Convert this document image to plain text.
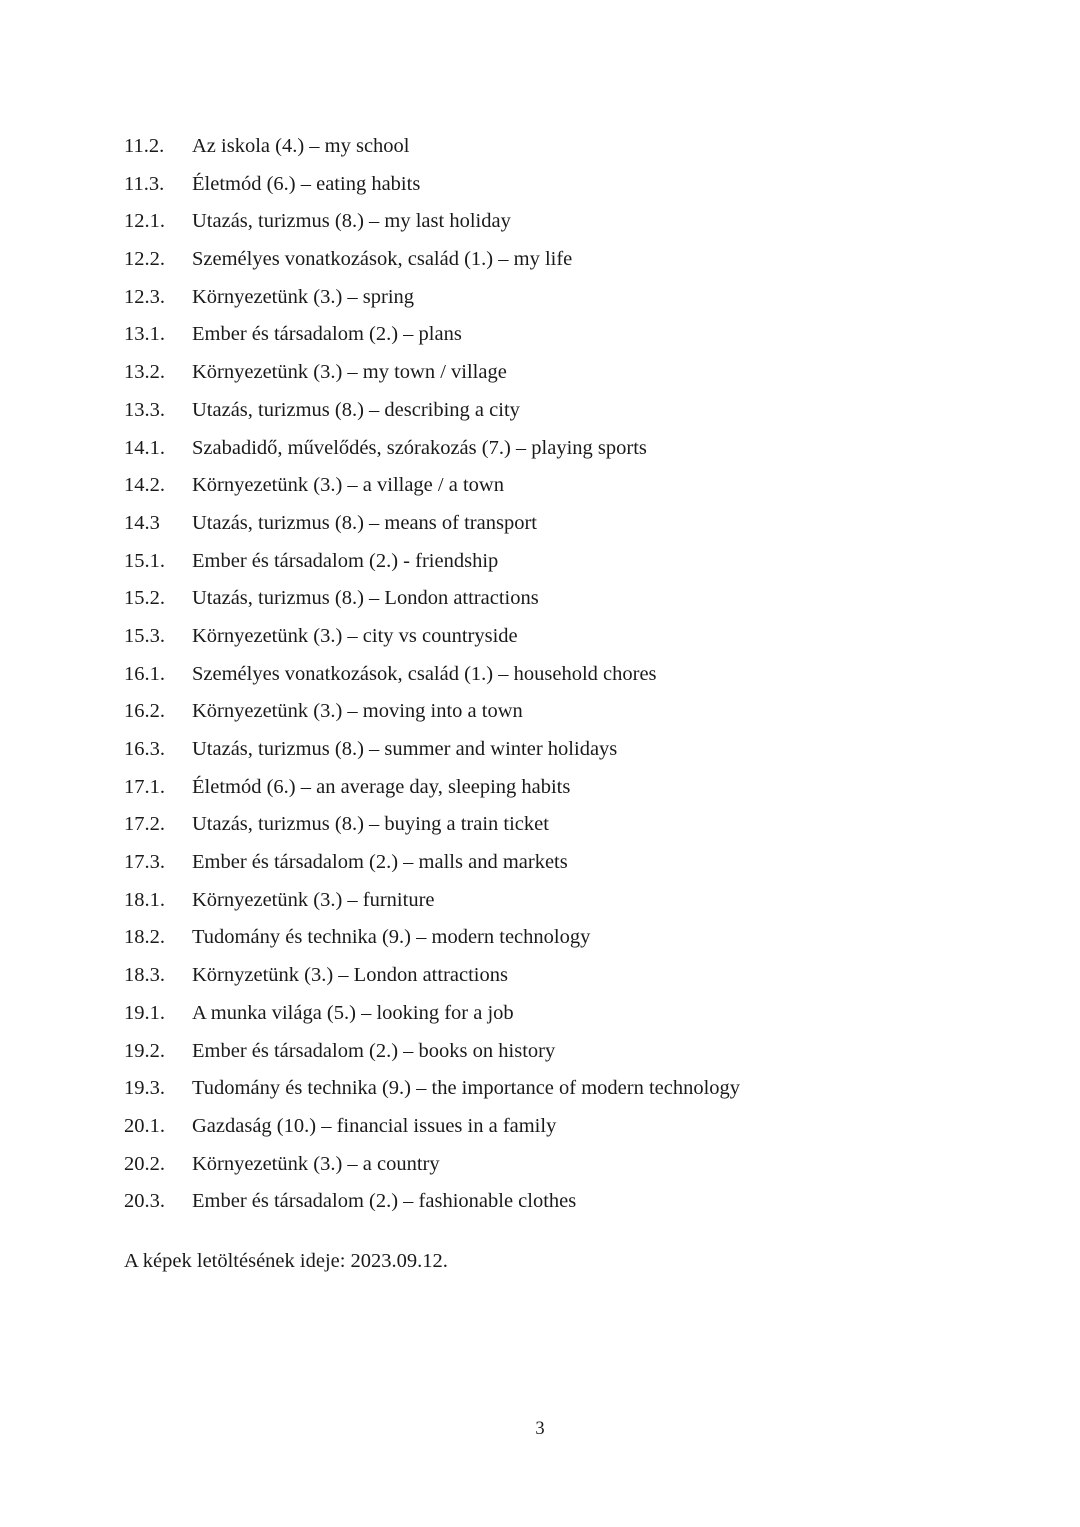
11.2.	Az iskola (4.) – my school
11.3.	Életmód (6.) – eating habits
12.1.	Utazás, turizmus (8.) – my last holiday
12.2.	Személyes vonatkozások, család (1.) – my life
12.3.	Környezetünk (3.) – spring
13.1.	Ember és társadalom (2.) – plans
13.2.	Környezetünk (3.) – my town / village
13.3.	Utazás, turizmus (8.) – describing a city
14.1.	Szabadidő, művelődés, szórakozás (7.) – playing sports
14.2.	Környezetünk (3.) – a village / a town
14.3	Utazás, turizmus (8.) – means of transport
15.1.	Ember és társadalom (2.) - friendship
15.2.	Utazás, turizmus (8.) – London attractions
15.3.	Környezetünk (3.) – city vs countryside
16.1.	Személyes vonatkozások, család (1.) – household chores
16.2.	Környezetünk (3.) – moving into a town
16.3.	Utazás, turizmus (8.) – summer and winter holidays
17.1.	Életmód (6.) – an average day, sleeping habits
17.2.	Utazás, turizmus (8.) – buying a train ticket
17.3.	Ember és társadalom (2.) – malls and markets
18.1.	Környezetünk (3.) – furniture
18.2.	Tudomány és technika (9.) – modern technology
18.3.	Környzetünk (3.) – London attractions
19.1.	A munka világa (5.) – looking for a job
19.2.	Ember és társadalom (2.) – books on history
19.3.	Tudomány és technika (9.) – the importance of modern technology
20.1.	Gazdaság (10.) – financial issues in a family
20.2.	Környezetünk (3.) – a country
20.3.	Ember és társadalom (2.) – fashionable clothes
A képek letöltésének ideje: 2023.09.12.
3
